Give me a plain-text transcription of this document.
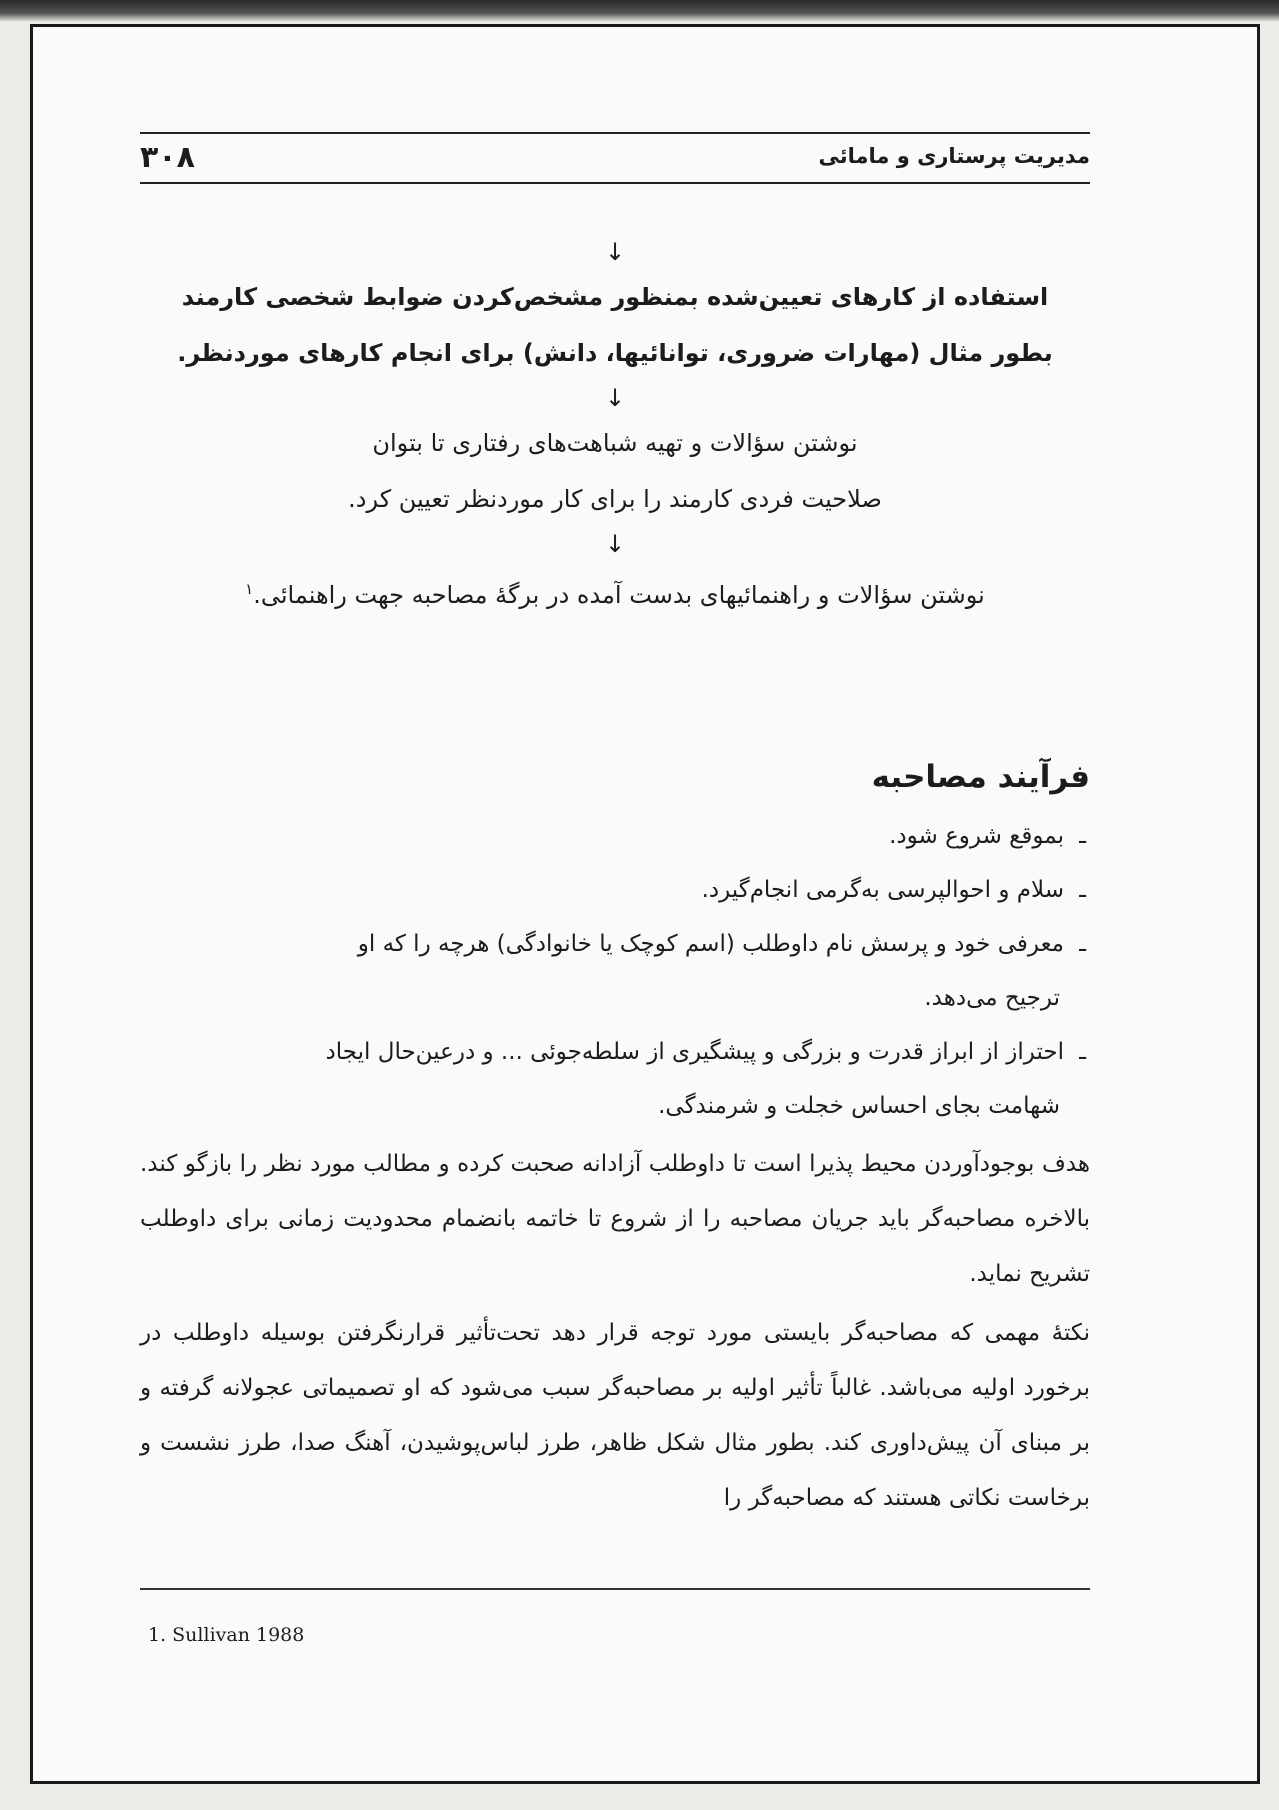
۳۰۸	مدیریت پرستاری و مامائی
↓
استفاده از کارهای تعیین‌شده بمنظور مشخص‌کردن ضوابط شخصی کارمند
بطور مثال (مهارات ضروری، توانائیها، دانش) برای انجام کارهای موردنظر.
↓
نوشتن سؤالات و تهیه شباهت‌های رفتاری تا بتوان
صلاحیت فردی کارمند را برای کار موردنظر تعیین کرد.
↓
نوشتن سؤالات و راهنمائیهای بدست آمده در برگهٔ مصاحبه جهت راهنمائی.$^۱$
فرآیند مصاحبه
ـبموقع شروع شود.
ـسلام و احوالپرسی به‌گرمی انجام‌گیرد.
ـمعرفی خود و پرسش نام داوطلب (اسم کوچک یا خانوادگی) هرچه را که او
ترجیح می‌دهد.
ـاحتراز از ابراز قدرت و بزرگی و پیشگیری از سلطه‌جوئی ... و درعین‌حال ایجاد
شهامت بجای احساس خجلت و شرمندگی.
هدف بوجودآوردن محیط پذیرا است تا داوطلب آزادانه صحبت کرده و مطالب مورد نظر را بازگو کند. بالاخره مصاحبه‌گر باید جریان مصاحبه را از شروع تا خاتمه بانضمام محدودیت زمانی برای داوطلب تشریح نماید.
نکتهٔ مهمی که مصاحبه‌گر بایستی مورد توجه قرار دهد تحت‌تأثیر قرارنگرفتن بوسیله داوطلب در برخورد اولیه می‌باشد. غالباً تأثیر اولیه بر مصاحبه‌گر سبب می‌شود که او تصمیماتی عجولانه گرفته و بر مبنای آن پیش‌داوری کند. بطور مثال شکل ظاهر، طرز لباس‌پوشیدن، آهنگ صدا، طرز نشست و برخاست نکاتی هستند که مصاحبه‌گر را
1. Sullivan 1988
